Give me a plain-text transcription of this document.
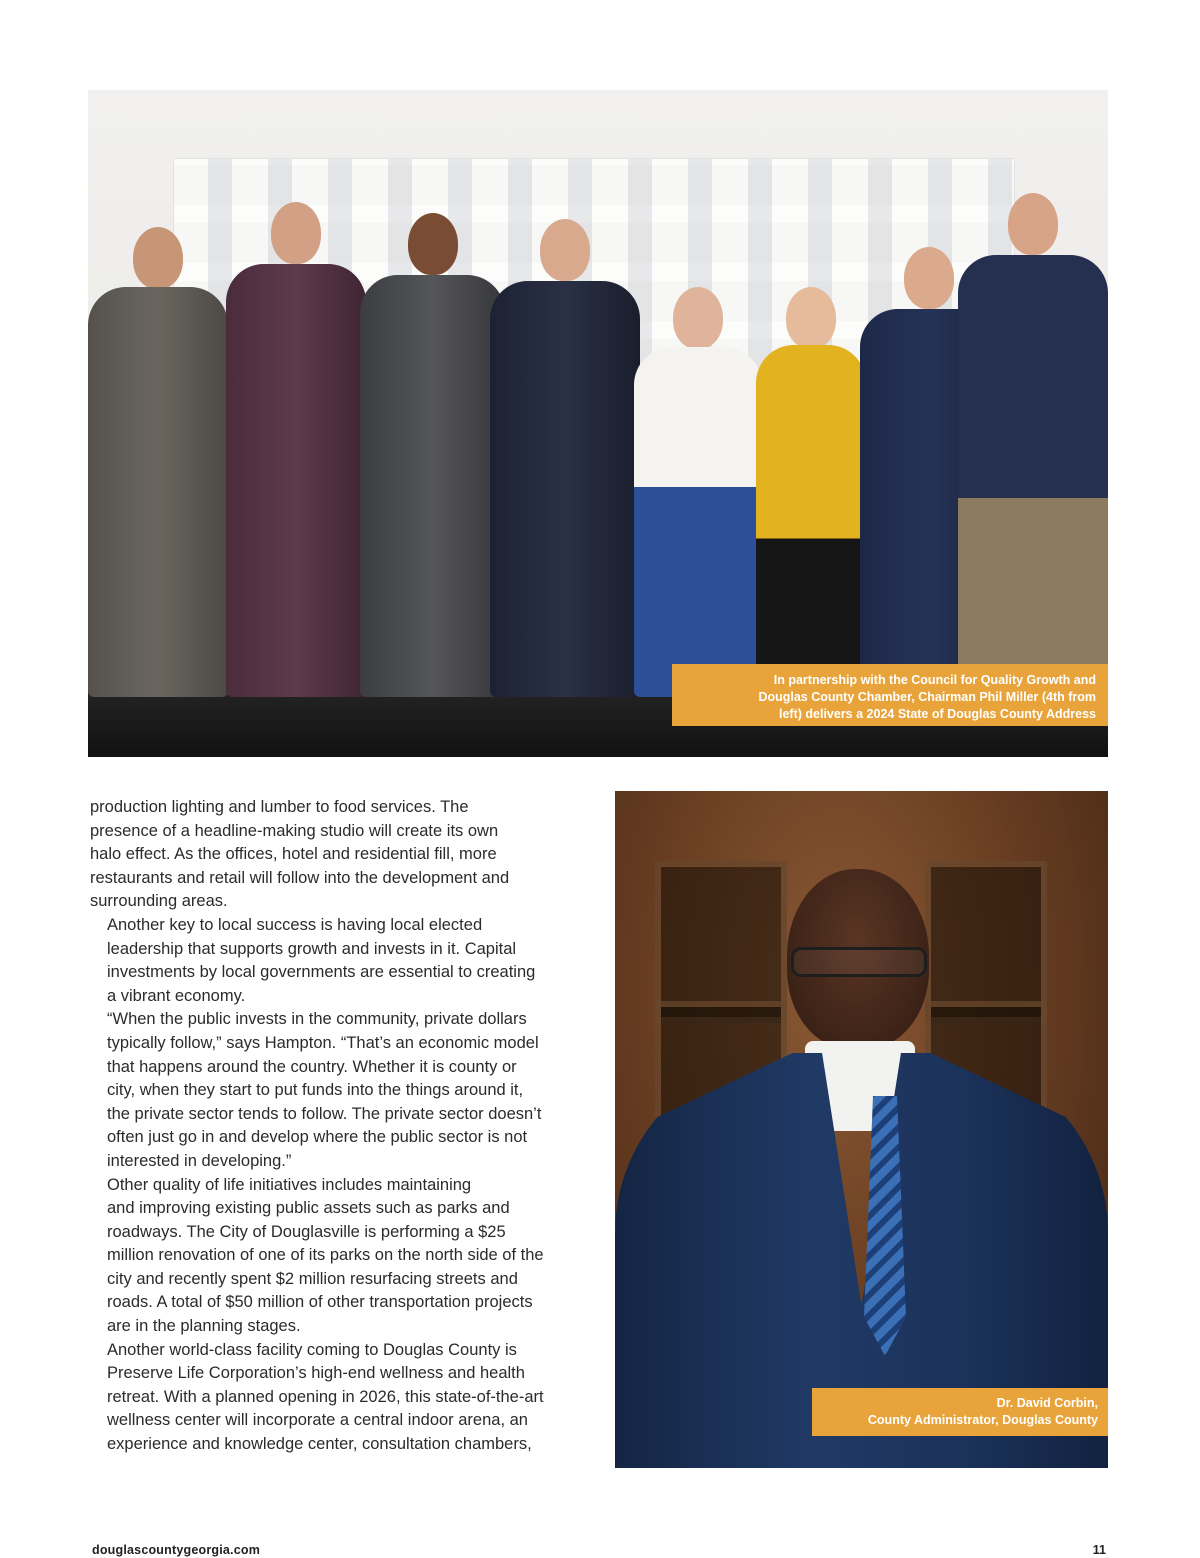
In partnership with the Council for Quality Growth and
Douglas County Chamber, Chairman Phil Miller (4th from
left) delivers a 2024 State of Douglas County Address

production lighting and lumber to food services. The
presence of a headline-making studio will create its own
halo effect. As the offices, hotel and residential fill, more
restaurants and retail will follow into the development and
surrounding areas.

Another key to local success is having local elected
leadership that supports growth and invests in it. Capital
investments by local governments are essential to creating
a vibrant economy.

“When the public invests in the community, private dollars
typically follow,” says Hampton. “That’s an economic model
that happens around the country. Whether it is county or
city, when they start to put funds into the things around it,
the private sector tends to follow. The private sector doesn’t
often just go in and develop where the public sector is not
interested in developing.”

Other quality of life initiatives includes maintaining
and improving existing public assets such as parks and
roadways. The City of Douglasville is performing a $25
million renovation of one of its parks on the north side of the
city and recently spent $2 million resurfacing streets and
roads. A total of $50 million of other transportation projects
are in the planning stages.

Another world-class facility coming to Douglas County is
Preserve Life Corporation’s high-end wellness and health
retreat. With a planned opening in 2026, this state-of-the-art
wellness center will incorporate a central indoor arena, an
experience and knowledge center, consultation chambers,

Dr. David Corbin,
County Administrator, Douglas County
douglascountygeorgia.com	11
